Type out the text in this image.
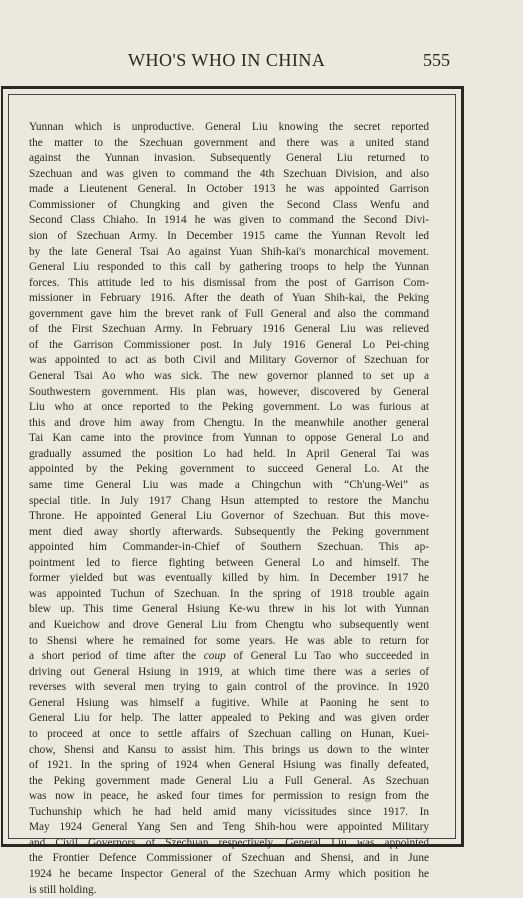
WHO'S WHO IN CHINA	555
Yunnan which is unproductive. General Liu knowing the secret reported
the matter to the Szechuan government and there was a united stand
against the Yunnan invasion. Subsequently General Liu returned to
Szechuan and was given to command the 4th Szechuan Division, and also
made a Lieutenent General. In October 1913 he was appointed Garrison
Commissioner of Chungking and given the Second Class Wenfu and
Second Class Chiaho. In 1914 he was given to command the Second Divi-
sion of Szechuan Army. In December 1915 came the Yunnan Revolt led
by the late General Tsai Ao against Yuan Shih-kai's monarchical movement.
General Liu responded to this call by gathering troops to help the Yunnan
forces. This attitude led to his dismissal from the post of Garrison Com-
missioner in February 1916. After the death of Yuan Shih-kai, the Peking
government gave him the brevet rank of Full General and also the command
of the First Szechuan Army. In February 1916 General Liu was relieved
of the Garrison Commissioner post. In July 1916 General Lo Pei-ching
was appointed to act as both Civil and Military Governor of Szechuan for
General Tsai Ao who was sick. The new governor planned to set up a
Southwestern government. His plan was, however, discovered by General
Liu who at once reported to the Peking government. Lo was furious at
this and drove him away from Chengtu. In the meanwhile another general
Tai Kan came into the province from Yunnan to oppose General Lo and
gradually assumed the position Lo had held. In April General Tai was
appointed by the Peking government to succeed General Lo. At the
same time General Liu was made a Chingchun with “Ch'ung-Wei” as
special title. In July 1917 Chang Hsun attempted to restore the Manchu
Throne. He appointed General Liu Governor of Szechuan. But this move-
ment died away shortly afterwards. Subsequently the Peking government
appointed him Commander-in-Chief of Southern Szechuan. This ap-
pointment led to fierce fighting between General Lo and himself. The
former yielded but was eventually killed by him. In December 1917 he
was appointed Tuchun of Szechuan. In the spring of 1918 trouble again
blew up. This time General Hsiung Ke-wu threw in his lot with Yunnan
and Kueichow and drove General Liu from Chengtu who subsequently went
to Shensi where he remained for some years. He was able to return for
a short period of time after the coup of General Lu Tao who succeeded in
driving out General Hsiung in 1919, at which time there was a series of
reverses with several men trying to gain control of the province. In 1920
General Hsiung was himself a fugitive. While at Paoning he sent to
General Liu for help. The latter appealed to Peking and was given order
to proceed at once to settle affairs of Szechuan calling on Hunan, Kuei-
chow, Shensi and Kansu to assist him. This brings us down to the winter
of 1921. In the spring of 1924 when General Hsiung was finally defeated,
the Peking government made General Liu a Full General. As Szechuan
was now in peace, he asked four times for permission to resign from the
Tuchunship which he had held amid many vicissitudes since 1917. In
May 1924 General Yang Sen and Teng Shih-hou were appointed Military
and Civil Governors of Szechuan respectively. General Liu was appointed
the Frontier Defence Commissioner of Szechuan and Shensi, and in June
1924 he became Inspector General of the Szechuan Army which position he
is still holding.
